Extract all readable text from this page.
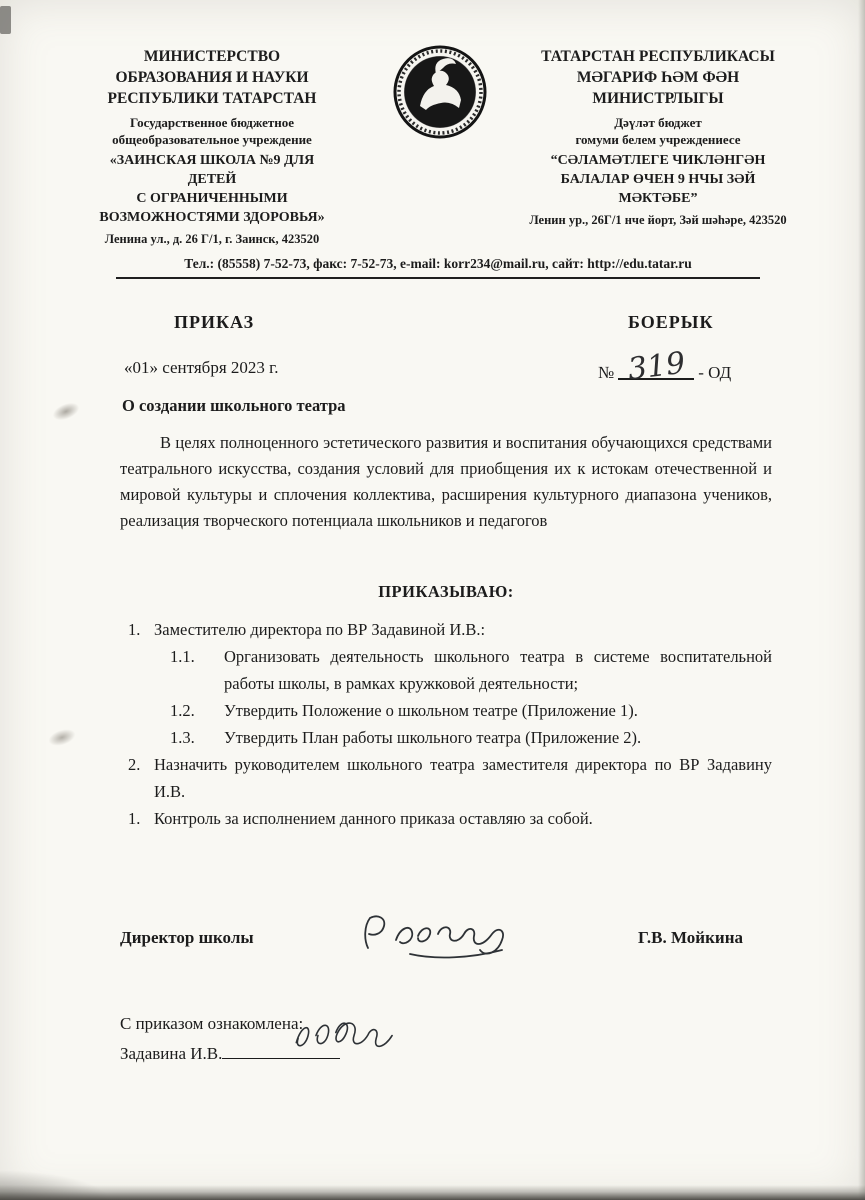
МИНИСТЕРСТВО
ОБРАЗОВАНИЯ И НАУКИ
РЕСПУБЛИКИ ТАТАРСТАН
Государственное бюджетное
общеобразовательное учреждение
«ЗАИНСКАЯ ШКОЛА №9 ДЛЯ ДЕТЕЙ
С ОГРАНИЧЕННЫМИ
ВОЗМОЖНОСТЯМИ ЗДОРОВЬЯ»
Ленина ул., д. 26 Г/1, г. Заинск, 423520
ТАТАРСТАН РЕСПУБЛИКАСЫ
МӘГАРИФ ҺӘМ ФӘН
МИНИСТРЛЫГЫ
Дәүләт бюджет
гомуми белем учреждениесе
“СӘЛАМӘТЛЕГЕ ЧИКЛӘНГӘН
БАЛАЛАР ӨЧЕН 9 НЧЫ ЗӘЙ
МӘКТӘБЕ”
Ленин ур., 26Г/1 нче йорт, Зәй шәһәре, 423520
Тел.: (85558) 7-52-73, факс: 7-52-73, e-mail: korr234@mail.ru, сайт: http://edu.tatar.ru
ПРИКАЗ	БОЕРЫК
«01» сентября 2023 г.	№ 319 - ОД
О создании школьного театра
В целях полноценного эстетического развития и воспитания обучающихся средствами театрального искусства, создания условий для приобщения их к истокам отечественной и мировой культуры и сплочения коллектива, расширения культурного диапазона учеников, реализация творческого потенциала школьников и педагогов
ПРИКАЗЫВАЮ:
1. Заместителю директора по ВР Задавиной И.В.:
1.1.	Организовать деятельность школьного театра в системе воспитательной работы школы, в рамках кружковой деятельности;
1.2.	Утвердить Положение о школьном театре (Приложение 1).
1.3.	Утвердить План работы школьного театра (Приложение 2).
2. Назначить руководителем школьного театра заместителя директора по ВР Задавину И.В.
1. Контроль за исполнением данного приказа оставляю за собой.
Директор школы	Г.В. Мойкина
С приказом ознакомлена:
Задавина И.В.
